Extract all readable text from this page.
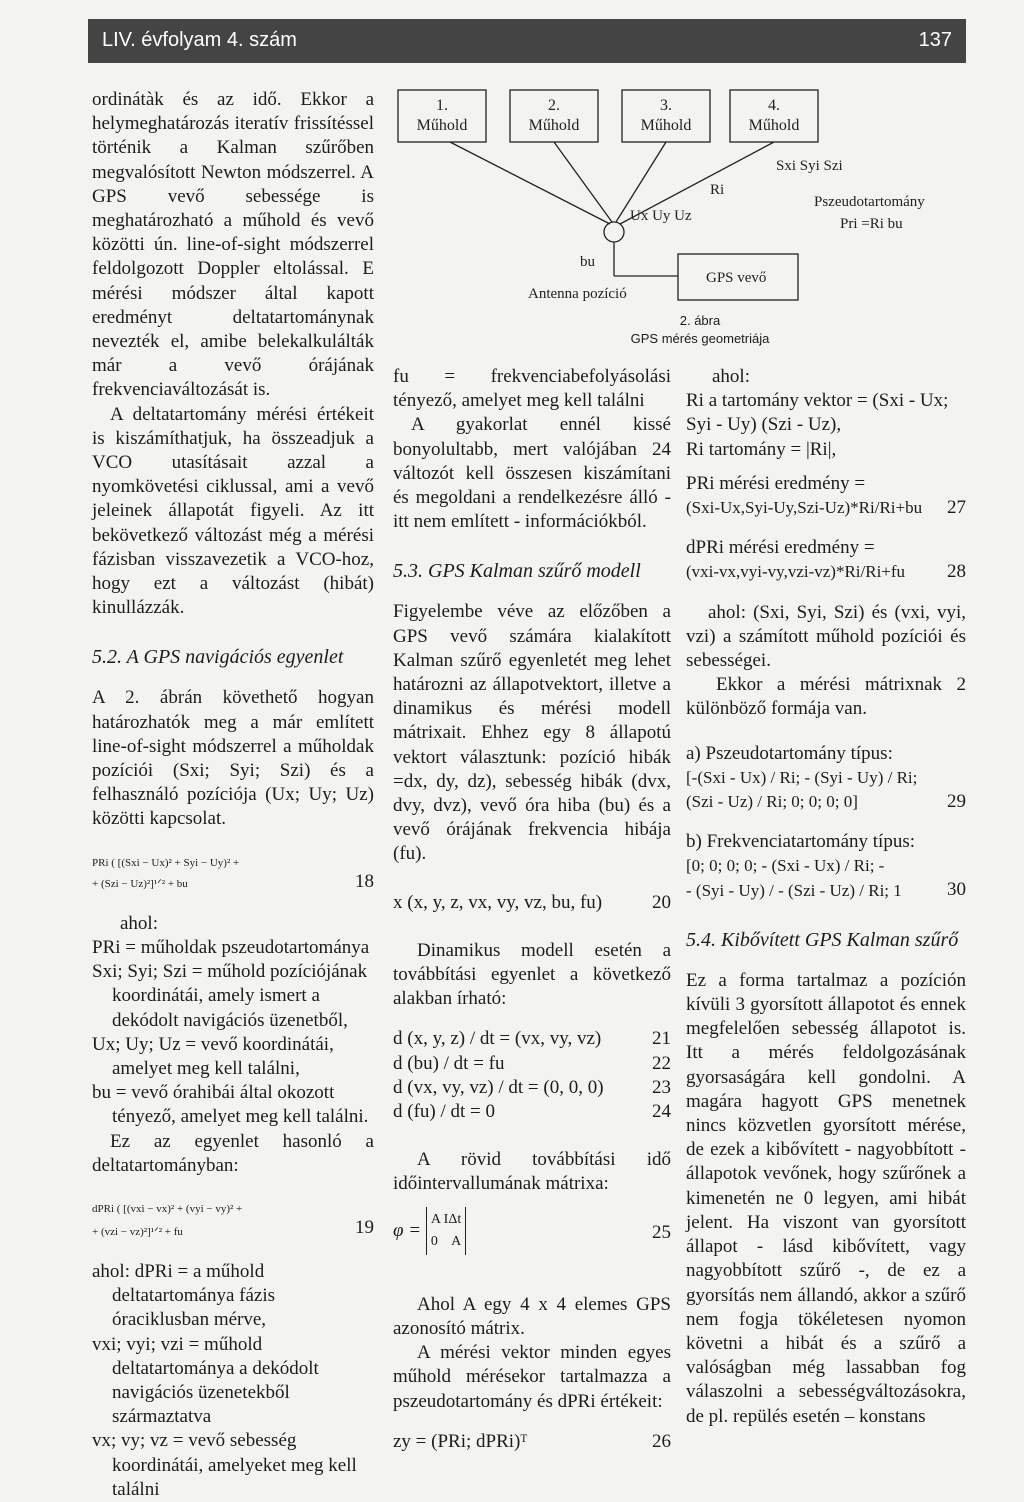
LIV. évfolyam 4. szám	137

ordinátàk és az idő. Ekkor a helymeghatározás iteratív frissítéssel történik a Kalman szűrőben megvalósított Newton módszerrel. A GPS vevő sebessége is meghatározható a műhold és vevő közötti ún. line-of-sight módszerrel feldolgozott Doppler eltolással. E mérési módszer által kapott eredményt deltatartománynak nevezték el, amibe belekalkulálták már a vevő órájának frekvenciaváltozását is.

A deltatartomány mérési értékeit is kiszámíthatjuk, ha összeadjuk a VCO utasításait azzal a nyomkövetési ciklussal, ami a vevő jeleinek állapotát figyeli. Az itt bekövetkező változást még a mérési fázisban visszavezetik a VCO-hoz, hogy ezt a változást (hibát) kinullázzák.

5.2. A GPS navigációs egyenlet

A 2. ábrán követhető hogyan határozhatók meg a már említett line-of-sight módszerrel a műholdak pozíciói (Sxi; Syi; Szi) és a felhasználó pozíciója (Ux; Uy; Uz) közötti kapcsolat.

PRi ( [(Sxi − Ux)² + Syi − Uy)² +
+ (Szi − Uz)²]¹ᐟ² + bu	18

ahol:

PRi = műholdak pszeudotartománya
Sxi; Syi; Szi = műhold pozíciójának koordinátái, amely ismert a dekódolt navigációs üzenetből,
Ux; Uy; Uz = vevő koordinátái, amelyet meg kell találni,
bu = vevő órahibái által okozott tényező, amelyet meg kell találni.

Ez az egyenlet hasonló a deltatartományban:

dPRi ( [(vxi − vx)² + (vyi − vy)² +
+ (vzi − vz)²]¹ᐟ² + fu	19
ahol: dPRi = a műhold deltatartománya fázis óraciklusban mérve,
vxi; vyi; vzi = műhold deltatartománya a dekódolt navigációs üzenetekből származtatva
vx; vy; vz = vevő sebesség koordinátái, amelyeket meg kell találni
1.
Műhold
2.
Műhold
3.
Műhold
4.
Műhold
Sxi Syi Szi
Ri
Ux Uy Uz
bu
Pszeudotartomány
Pri =Ri bu
Antenna pozíció
GPS vevő
2. ábra
GPS mérés geometriája

fu = frekvenciabefolyásolási tényező, amelyet meg kell találni

A gyakorlat ennél kissé bonyolultabb, mert valójában 24 változót kell összesen kiszámítani és megoldani a rendelkezésre álló - itt nem említett - információkból.

5.3. GPS Kalman szűrő modell

Figyelembe véve az előzőben a GPS vevő számára kialakított Kalman szűrő egyenletét meg lehet határozni az állapotvektort, illetve a dinamikus és mérési modell mátrixait. Ehhez egy 8 állapotú vektort választunk: pozíció hibák =dx, dy, dz), sebesség hibák (dvx, dvy, dvz), vevő óra hiba (bu) és a vevő órájának frekvencia hibája (fu).

x (x, y, z, vx, vy, vz, bu, fu)	20

Dinamikus modell esetén a továbbítási egyenlet a következő alakban írható:

d (x, y, z) / dt = (vx, vy, vz)	21
d (bu) / dt = fu	22
d (vx, vy, vz) / dt = (0, 0, 0)	23
d (fu) / dt = 0	24

A rövid továbbítási idő időintervallumának mátrixa:

φ =
A IΔt
0    A	25

Ahol A egy 4 x 4 elemes GPS azonosító mátrix.

A mérési vektor minden egyes műhold mérésekor tartalmazza a pszeudotartomány és dPRi értékeit:

zy = (PRi; dPRi)ᵀ	26

ahol:

Ri a tartomány vektor = (Sxi - Ux; Syi - Uy) (Szi - Uz),

Ri tartomány = |Ri|,

PRi mérési eredmény =

(Sxi-Ux,Syi-Uy,Szi-Uz)*Ri/Ri+bu 27

dPRi mérési eredmény =

(vxi-vx,vyi-vy,vzi-vz)*Ri/Ri+fu 28

ahol: (Sxi, Syi, Szi) és (vxi, vyi, vzi) a számított műhold pozíciói és sebességei.

Ekkor a mérési mátrixnak 2 különböző formája van.

a) Pszeudotartomány típus:

[-(Sxi - Ux) / Ri; - (Syi - Uy) / Ri;
(Szi - Uz) / Ri; 0; 0; 0; 0]	29

b) Frekvenciatartomány típus:

[0; 0; 0; 0; - (Sxi - Ux) / Ri; -
- (Syi - Uy) / - (Szi - Uz) / Ri; 1	30
5.4. Kibővített GPS Kalman szűrő

Ez a forma tartalmaz a pozíción kívüli 3 gyorsított állapotot és ennek megfelelően sebesség állapotot is. Itt a mérés feldolgozásának gyorsaságára kell gondolni. A magára hagyott GPS menetnek nincs közvetlen gyorsított mérése, de ezek a kibővített - nagyobbított - állapotok vevőnek, hogy szűrőnek a kimenetén ne 0 legyen, ami hibát jelent. Ha viszont van gyorsított állapot - lásd kibővített, vagy nagyobbított szűrő -, de ez a gyorsítás nem állandó, akkor a szűrő nem fogja tökéletesen nyomon követni a hibát és a szűrő a valóságban még lassabban fog válaszolni a sebességváltozásokra, de pl. repülés esetén – konstans
